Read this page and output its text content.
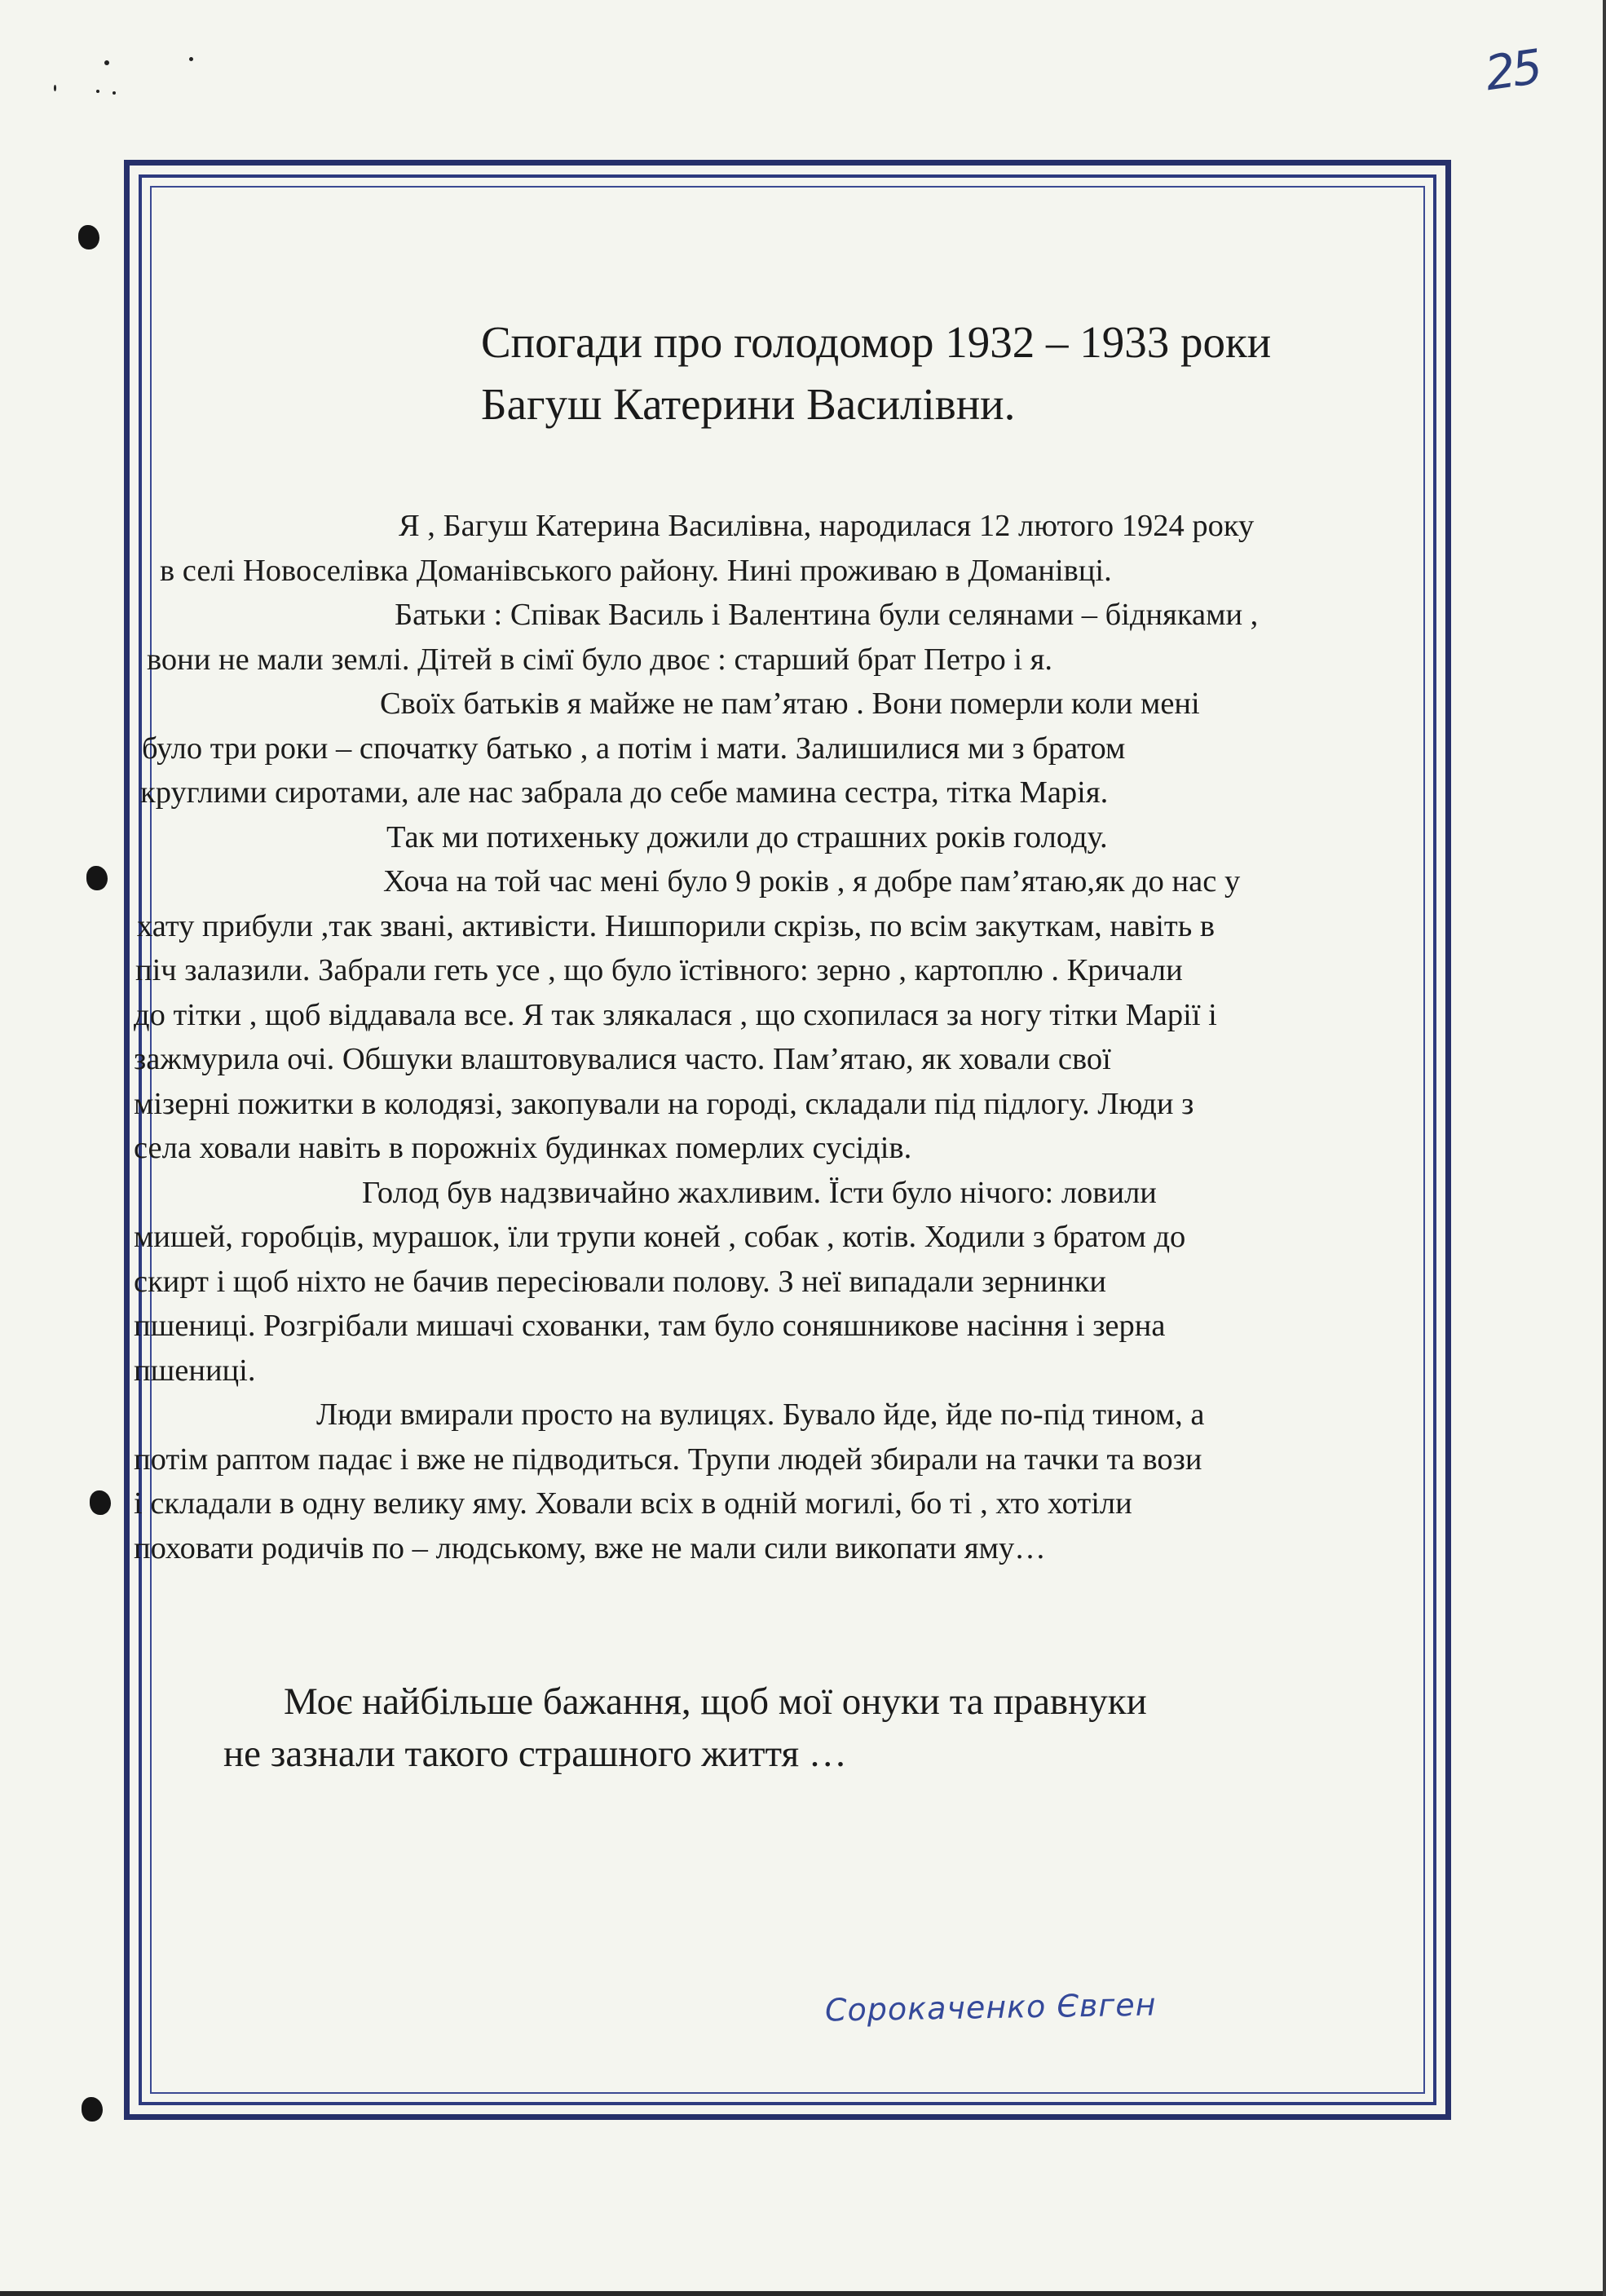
25
Спогади про голодомор 1932 – 1933 роки
Багуш Катерини Василівни.
Я , Багуш Катерина Василівна, народилася 12 лютого 1924 року
в селі Новоселівка Доманівського району. Нині проживаю в Доманівці.
Батьки : Співак Василь і Валентина були селянами – бідняками ,
вони не мали землі. Дітей в сімї було двоє : старший брат Петро і я.
Своїх батьків я майже не пам’ятаю . Вони померли коли мені
було три роки – спочатку батько , а потім і мати. Залишилися ми з братом
круглими сиротами, але нас забрала до себе мамина сестра, тітка Марія.
Так ми потихеньку дожили до страшних років голоду.
Хоча на той час мені було 9 років , я добре пам’ятаю,як до нас у
хату прибули ,так звані, активісти. Нишпорили скрізь, по всім закуткам, навіть в
піч залазили. Забрали геть усе , що було їстівного: зерно , картоплю . Кричали
до тітки , щоб віддавала все. Я так злякалася , що схопилася за ногу тітки Марії і
зажмурила очі. Обшуки влаштовувалися часто. Пам’ятаю, як ховали свої
мізерні пожитки в колодязі, закопували на городі, складали під підлогу. Люди з
села ховали навіть в порожніх будинках померлих сусідів.
Голод був надзвичайно жахливим. Їсти було нічого: ловили
мишей, горобців, мурашок, їли трупи коней , собак , котів. Ходили з братом до
скирт і щоб ніхто не бачив пересіювали полову. З неї випадали зернинки
пшениці. Розгрібали мишачі схованки, там було соняшникове насіння і зерна
пшениці.
Люди вмирали просто на вулицях. Бувало йде, йде по-під тином, а
потім раптом падає і вже не підводиться. Трупи людей збирали на тачки та вози
і складали в одну велику яму. Ховали всіх в одній могилі, бо ті , хто хотіли
поховати родичів по – людському, вже не мали сили викопати яму…
Моє найбільше бажання, щоб мої онуки та правнуки
не зазнали такого страшного життя …
Сорокаченко Євген
